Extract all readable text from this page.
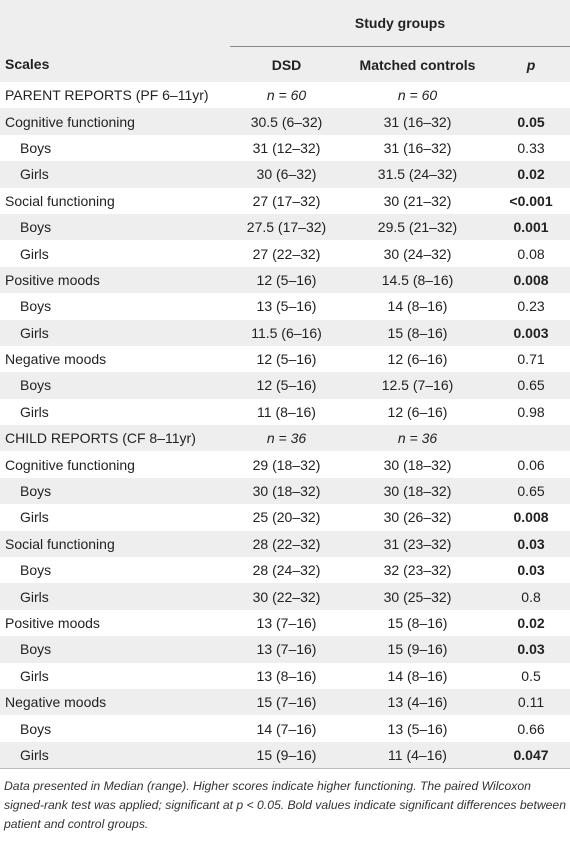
	Study groups		
Scales	DSD	Matched controls	p
PARENT REPORTS (PF 6–11yr)	n = 60	n = 60	
Cognitive functioning	30.5 (6–32)	31 (16–32)	0.05
Boys	31 (12–32)	31 (16–32)	0.33
Girls	30 (6–32)	31.5 (24–32)	0.02
Social functioning	27 (17–32)	30 (21–32)	<0.001
Boys	27.5 (17–32)	29.5 (21–32)	0.001
Girls	27 (22–32)	30 (24–32)	0.08
Positive moods	12 (5–16)	14.5 (8–16)	0.008
Boys	13 (5–16)	14 (8–16)	0.23
Girls	11.5 (6–16)	15 (8–16)	0.003
Negative moods	12 (5–16)	12 (6–16)	0.71
Boys	12 (5–16)	12.5 (7–16)	0.65
Girls	11 (8–16)	12 (6–16)	0.98
CHILD REPORTS (CF 8–11yr)	n = 36	n = 36	
Cognitive functioning	29 (18–32)	30 (18–32)	0.06
Boys	30 (18–32)	30 (18–32)	0.65
Girls	25 (20–32)	30 (26–32)	0.008
Social functioning	28 (22–32)	31 (23–32)	0.03
Boys	28 (24–32)	32 (23–32)	0.03
Girls	30 (22–32)	30 (25–32)	0.8
Positive moods	13 (7–16)	15 (8–16)	0.02
Boys	13 (7–16)	15 (9–16)	0.03
Girls	13 (8–16)	14 (8–16)	0.5
Negative moods	15 (7–16)	13 (4–16)	0.11
Boys	14 (7–16)	13 (5–16)	0.66
Girls	15 (9–16)	11 (4–16)	0.047
Data presented in Median (range). Higher scores indicate higher functioning. The paired Wilcoxon signed-rank test was applied; significant at p < 0.05. Bold values indicate significant differences between patient and control groups.
